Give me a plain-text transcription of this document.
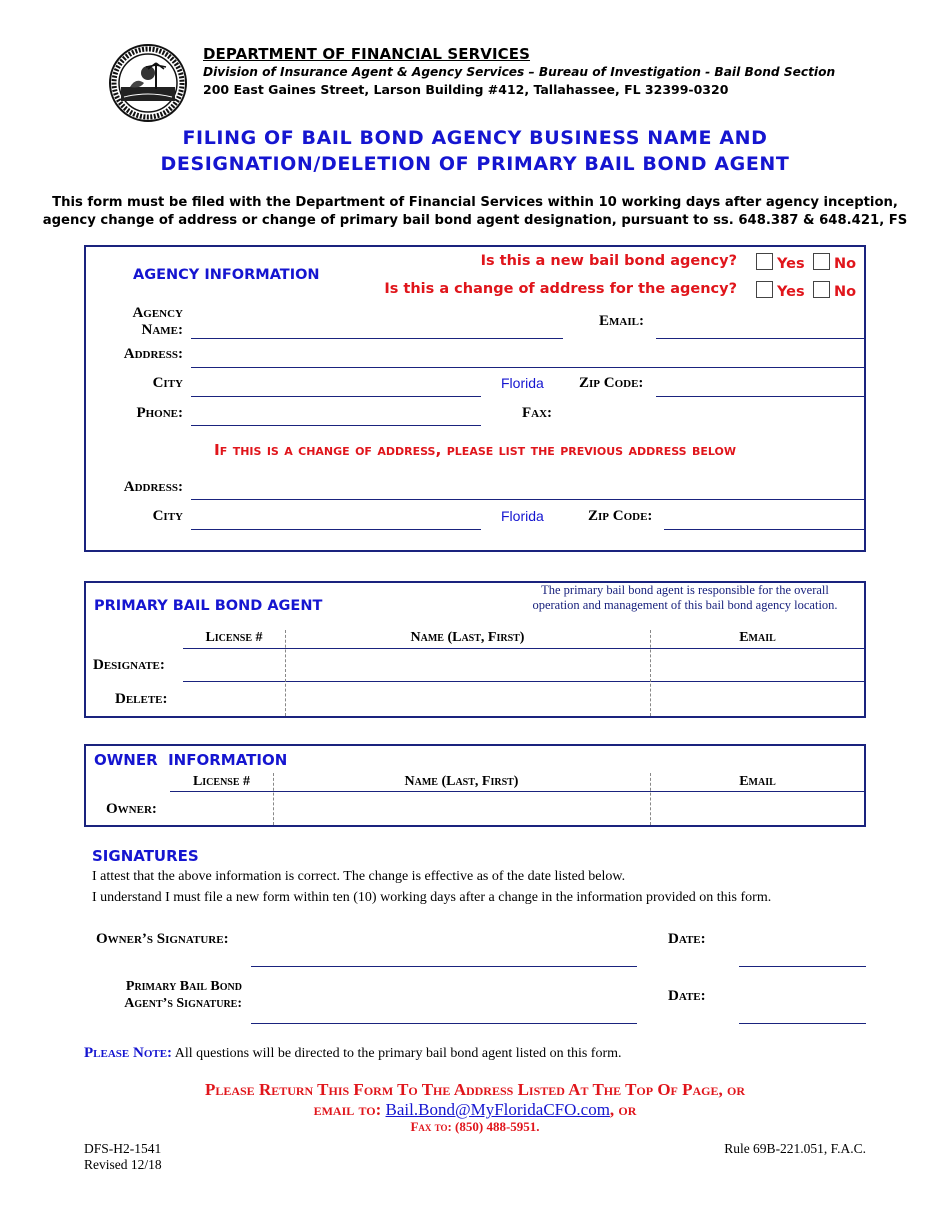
DEPARTMENT OF FINANCIAL SERVICES
Division of Insurance Agent & Agency Services – Bureau of Investigation - Bail Bond Section
200 East Gaines Street, Larson Building #412, Tallahassee, FL 32399-0320
FILING OF BAIL BOND AGENCY BUSINESS NAME AND
DESIGNATION/DELETION OF PRIMARY BAIL BOND AGENT
This form must be filed with the Department of Financial Services within 10 working days after agency inception,
agency change of address or change of primary bail bond agent designation, pursuant to ss. 648.387 & 648.421, FS
AGENCY INFORMATION
Is this a new bail bond agency?	Yes	No
Is this a change of address for the agency?	Yes	No
Agency
Name:
Email:
Address:
City	Florida Zip Code:
Phone:	Fax:
If this is a change of address, please list the previous address below
Address:
City	Florida	Zip Code:
PRIMARY BAIL BOND AGENT
The primary bail bond agent is responsible for the overall
operation and management of this bail bond agency location.
License #	Name (Last, First)	Email
Designate:
Delete:
OWNER  INFORMATION
License #	Name (Last, First)	Email
Owner:
SIGNATURES
I attest that the above information is correct. The change is effective as of the date listed below.
I understand I must file a new form within ten (10) working days after a change in the information provided on this form.
Owner’s Signature:	Date:
Primary Bail Bond
Agent’s Signature:	Date:
Please Note: All questions will be directed to the primary bail bond agent listed on this form.
Please Return This Form To The Address Listed At The Top Of Page, or
email to: Bail.Bond@MyFloridaCFO.com, or
Fax to: (850) 488-5951.
DFS-H2-1541
Revised 12/18
Rule 69B-221.051, F.A.C.
